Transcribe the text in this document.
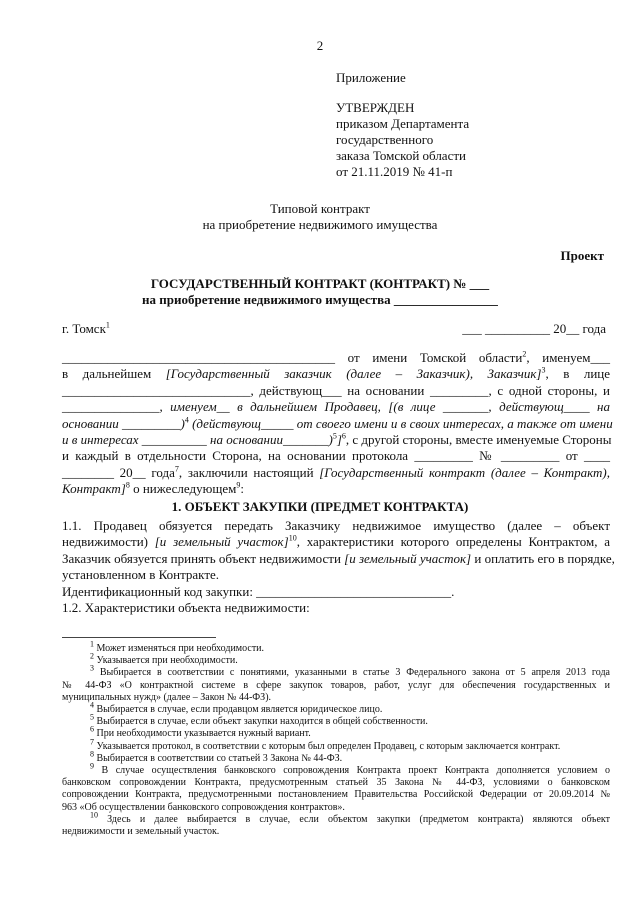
2
Приложение
УТВЕРЖДЕН
приказом Департамента
государственного
заказа Томской области
от 21.11.2019 № 41-п
Типовой контракт
на приобретение недвижимого имущества
Проект
ГОСУДАРСТВЕННЫЙ КОНТРАКТ (КОНТРАКТ) № ___
на приобретение недвижимого имущества ________________
г. Томск$^1$	___ __________ 20__ года
__________________________________________ от имени Томской области$^2$, именуем___
в дальнейшем [Государственный заказчик (далее – Заказчик), Заказчик]$^3$, в лице
_____________________________, действующ___ на основании _________, с одной стороны, и
_______________, именуем__ в дальнейшем Продавец, [(в лице _______, действующ____ на
основании _________)$^4$ (действующ_____ от своего имени и в своих интересах, а также от имени
и в интересах __________ на основании_______)$^5$]$^6$, с другой стороны, вместе именуемые Стороны
и каждый в отдельности Сторона, на основании протокола _________ № _________ от ____
________ 20__ года$^7$, заключили настоящий [Государственный контракт (далее – Контракт),
Контракт]$^8$ о нижеследующем$^9$:
1. ОБЪЕКТ ЗАКУПКИ (ПРЕДМЕТ КОНТРАКТА)
1.1. Продавец обязуется передать Заказчику недвижимое имущество (далее – объект
недвижимости) [и земельный участок]$^{10}$, характеристики которого определены Контрактом, а
Заказчик обязуется принять объект недвижимости [и земельный участок] и оплатить его в порядке,
установленном в Контракте.
Идентификационный код закупки: ______________________________.
1.2. Характеристики объекта недвижимости:
$^1$ Может изменяться при необходимости.
$^2$ Указывается при необходимости.
$^3$ Выбирается в соответствии с понятиями, указанными в статье 3 Федерального закона от 5 апреля 2013 года
№ 44-ФЗ «О контрактной системе в сфере закупок товаров, работ, услуг для обеспечения государственных и
муниципальных нужд» (далее – Закон № 44-ФЗ).
$^4$ Выбирается в случае, если продавцом является юридическое лицо.
$^5$ Выбирается в случае, если объект закупки находится в общей собственности.
$^6$ При необходимости указывается нужный вариант.
$^7$ Указывается протокол, в соответствии с которым был определен Продавец, с которым заключается контракт.
$^8$ Выбирается в соответствии со статьей 3 Закона № 44-ФЗ.
$^9$ В случае осуществления банковского сопровождения Контракта проект Контракта дополняется условием о
банковском сопровождении Контракта, предусмотренным статьей 35 Закона № 44-ФЗ, условиями о банковском
сопровождении Контракта, предусмотренными постановлением Правительства Российской Федерации от 20.09.2014 №
963 «Об осуществлении банковского сопровождения контрактов».
$^{10}$ Здесь и далее выбирается в случае, если объектом закупки (предметом контракта) являются объект
недвижимости и земельный участок.
